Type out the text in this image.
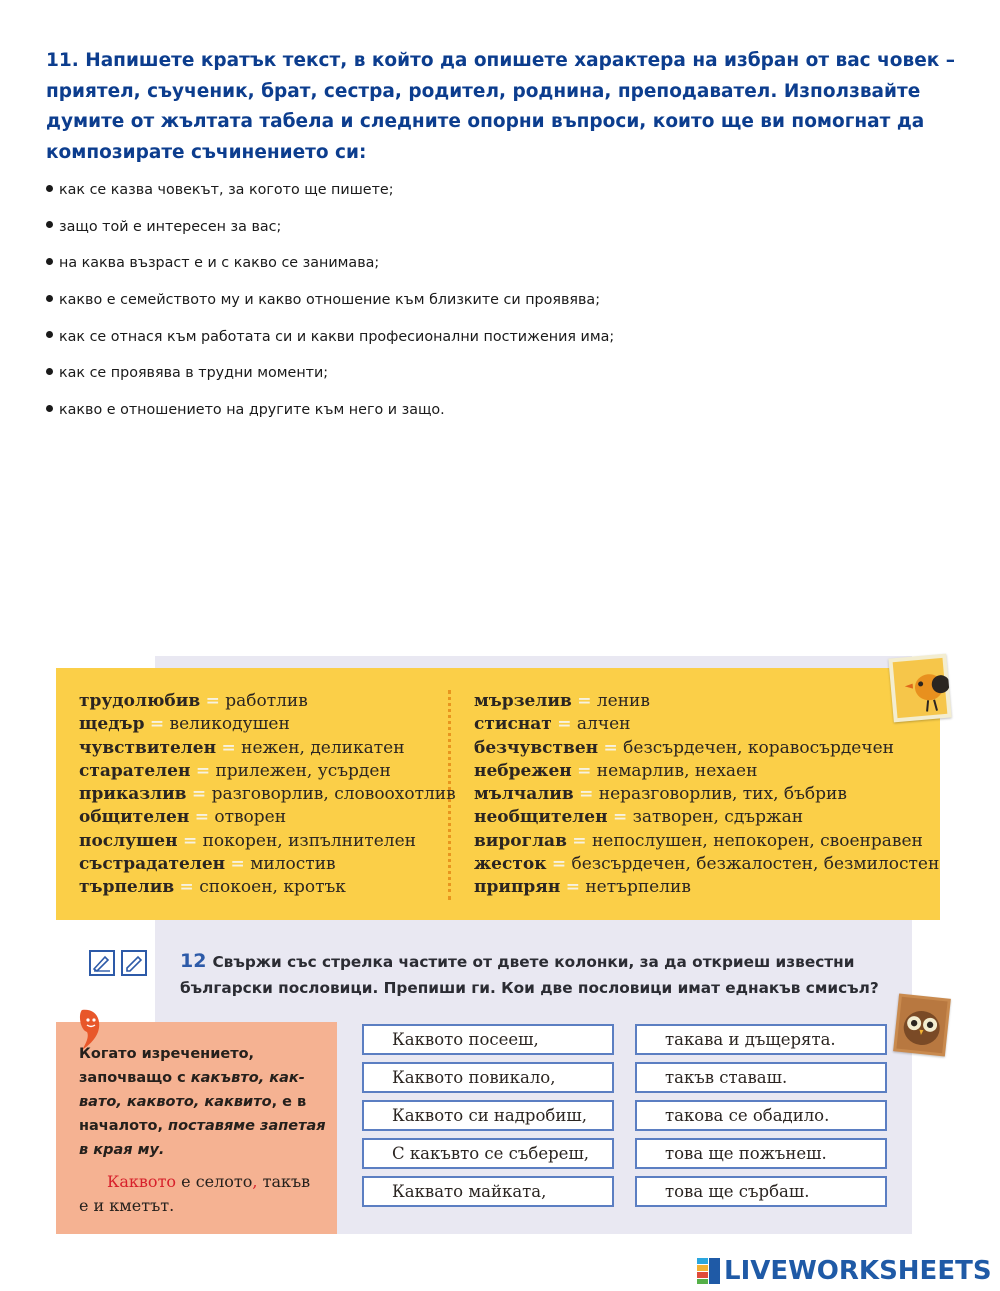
11. Напишете кратък текст, в който да опишете характера на избран от вас човек – приятел, съученик, брат, сестра, родител, роднина, преподавател. Използвайте думите от жълтата табела и следните опорни въпроси, които ще ви помогнат да композирате съчинението си:

как се казва човекът, за когото ще пишете;
защо той е интересен за вас;
на каква възраст е и с какво се занимава;
какво е семейството му и какво отношение към близките си проявява;
как се отнася към работата си и какви професионални постижения има;
как се проявява в трудни моменти;
какво е отношението на другите към него и защо.
трудолюбив = работлив
щедър = великодушен
чувствителен = нежен, деликатен
старателен = прилежен, усърден
приказлив = разговорлив, словоохотлив
общителен = отворен
послушен = покорен, изпълнителен
състрадателен = милостив
търпелив = спокоен, кротък
мързелив = ленив
стиснат = алчен
безчувствен = безсърдечен, коравосърдечен
небрежен = немарлив, нехаен
мълчалив = неразговорлив, тих, бъбрив
необщителен = затворен, сдържан
вироглав = непослушен, непокорен, своенравен
жесток = безсърдечен, безжалостен, безмилостен
припрян = нетърпелив

12 Свържи със стрелка частите от двете колонки, за да откриеш известни български пословици. Препиши ги. Кои две пословици имат еднакъв смисъл?

Когато изречението, започващо с какъвто, как-вато, каквото, каквито, е в началото, поставяме запетая в края му.

Каквото е селото, такъв е и кметът.

Каквото посееш,
Каквото повикало,
Каквото си надробиш,
С какъвто се събереш,
Каквато майката,
такава и дъщерята.
такъв ставаш.
такова се обадило.
това ще пожънеш.
това ще сърбаш.
LIVEWORKSHEETS
